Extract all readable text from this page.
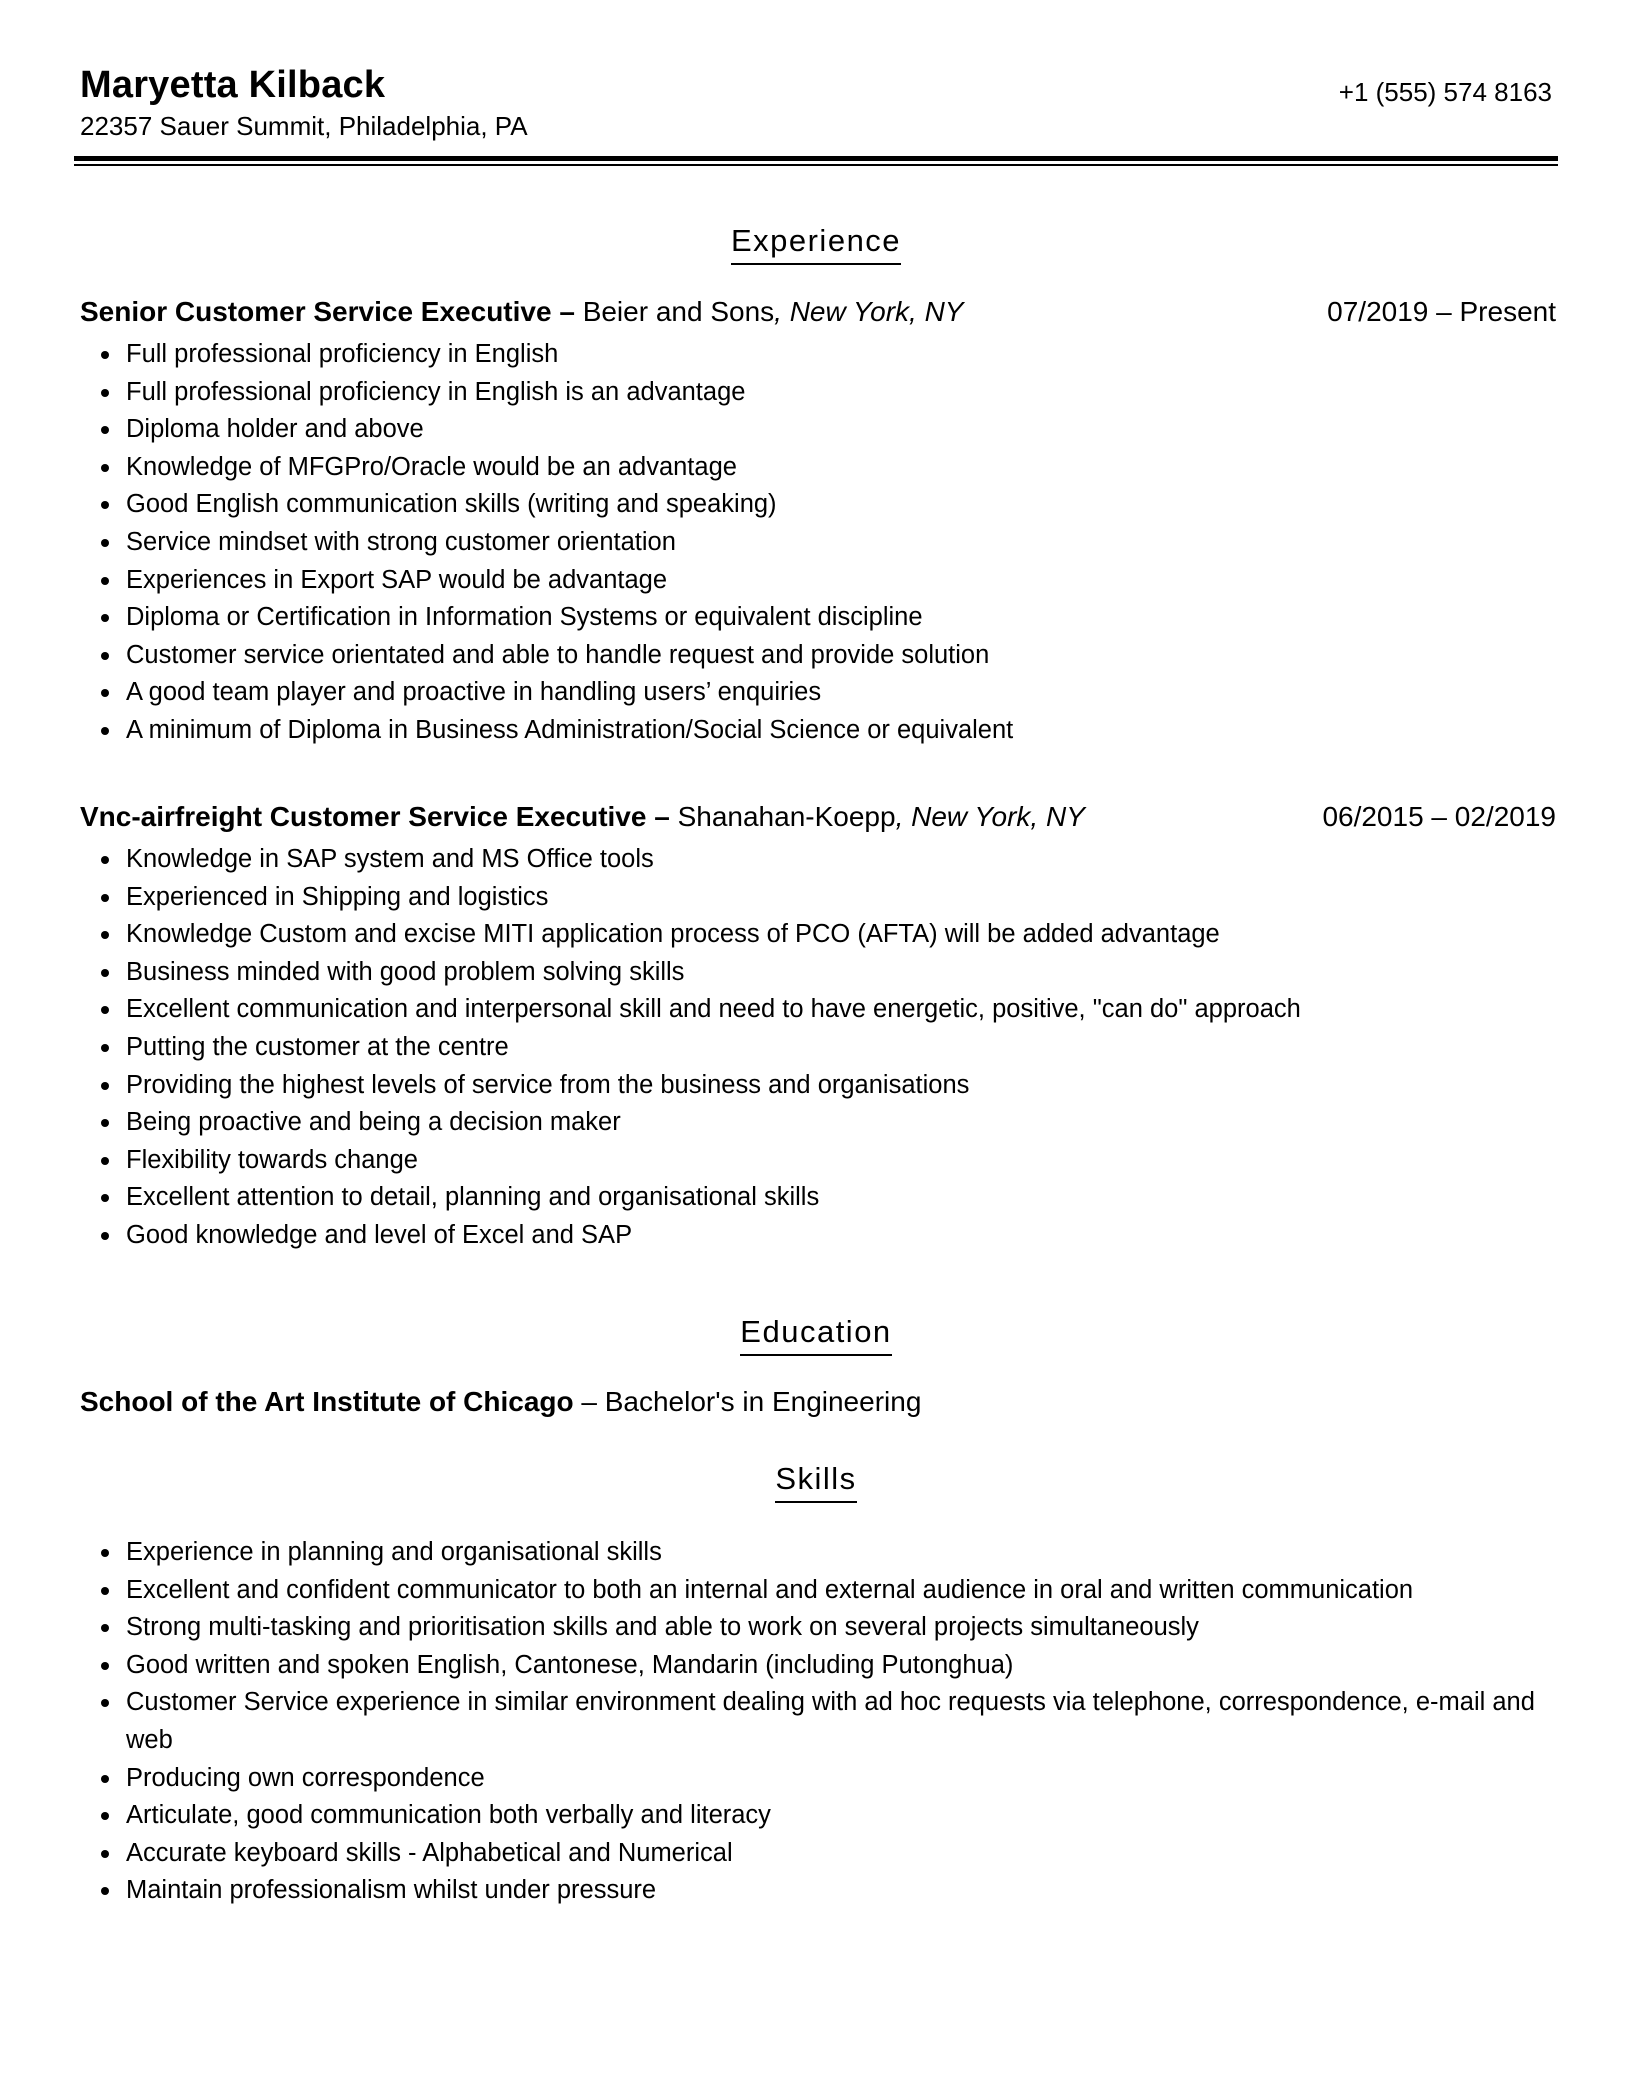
Maryetta Kilback
22357 Sauer Summit, Philadelphia, PA
+1 (555) 574 8163
Experience
Senior Customer Service Executive – Beier and Sons, New York, NY	07/2019 – Present
Full professional proficiency in English
Full professional proficiency in English is an advantage
Diploma holder and above
Knowledge of MFGPro/Oracle would be an advantage
Good English communication skills (writing and speaking)
Service mindset with strong customer orientation
Experiences in Export SAP would be advantage
Diploma or Certification in Information Systems or equivalent discipline
Customer service orientated and able to handle request and provide solution
A good team player and proactive in handling users’ enquiries
A minimum of Diploma in Business Administration/Social Science or equivalent
Vnc-airfreight Customer Service Executive – Shanahan-Koepp, New York, NY	06/2015 – 02/2019
Knowledge in SAP system and MS Office tools
Experienced in Shipping and logistics
Knowledge Custom and excise MITI application process of PCO (AFTA) will be added advantage
Business minded with good problem solving skills
Excellent communication and interpersonal skill and need to have energetic, positive, "can do" approach
Putting the customer at the centre
Providing the highest levels of service from the business and organisations
Being proactive and being a decision maker
Flexibility towards change
Excellent attention to detail, planning and organisational skills
Good knowledge and level of Excel and SAP
Education
School of the Art Institute of Chicago – Bachelor's in Engineering
Skills
Experience in planning and organisational skills
Excellent and confident communicator to both an internal and external audience in oral and written communication
Strong multi-tasking and prioritisation skills and able to work on several projects simultaneously
Good written and spoken English, Cantonese, Mandarin (including Putonghua)
Customer Service experience in similar environment dealing with ad hoc requests via telephone, correspondence, e-mail and web
Producing own correspondence
Articulate, good communication both verbally and literacy
Accurate keyboard skills - Alphabetical and Numerical
Maintain professionalism whilst under pressure
